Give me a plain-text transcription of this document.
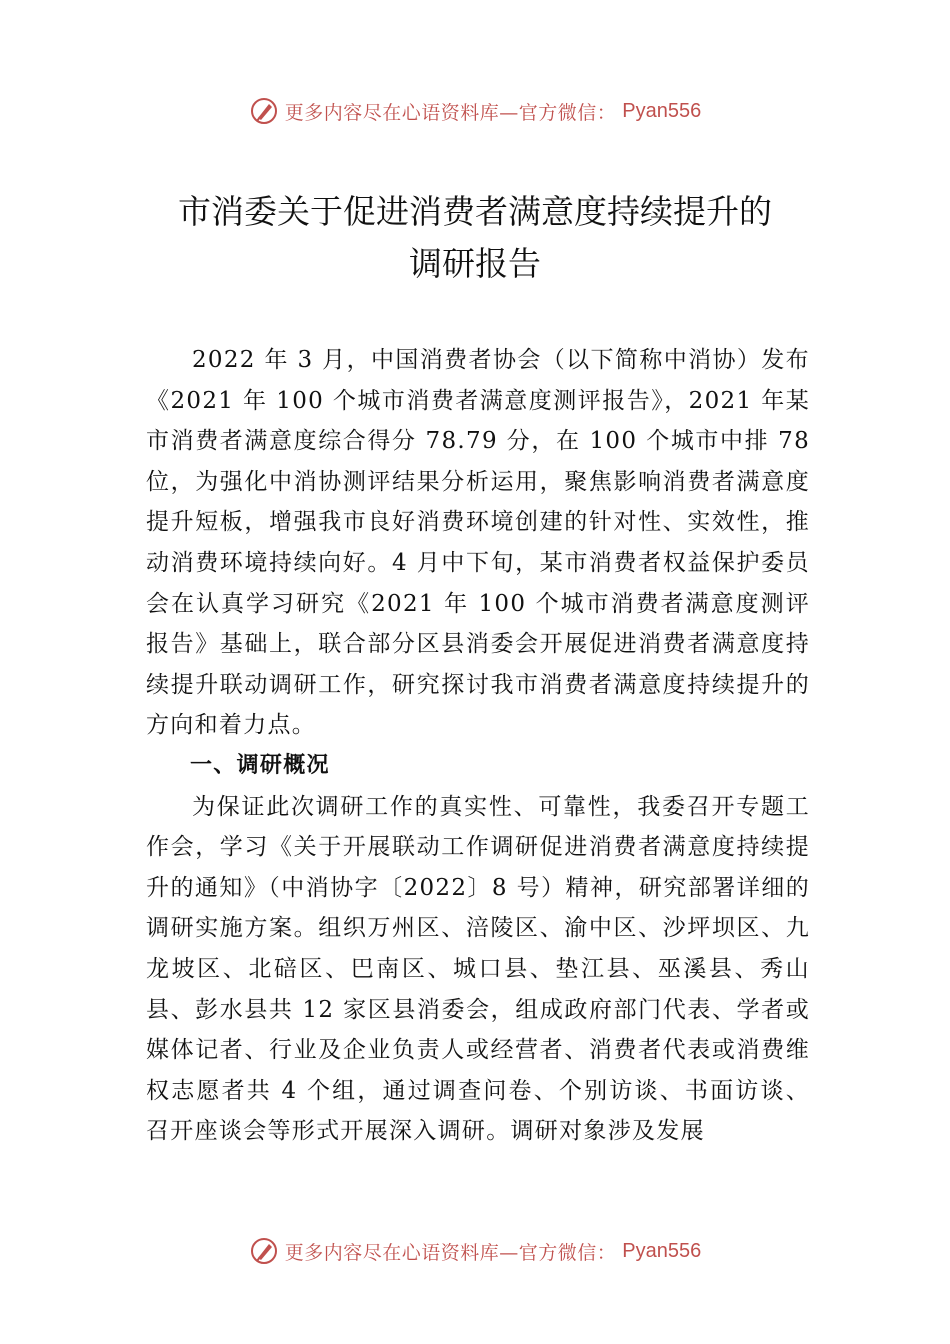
更多内容尽在心语资料库—官方微信： Pyan556
市消委关于促进消费者满意度持续提升的
调研报告

2022 年 3 月，中国消费者协会（以下简称中消协）发布《2021 年 100 个城市消费者满意度测评报告》，2021 年某市消费者满意度综合得分 78.79 分，在 100 个城市中排 78 位，为强化中消协测评结果分析运用，聚焦影响消费者满意度提升短板，增强我市良好消费环境创建的针对性、实效性，推动消费环境持续向好。4 月中下旬，某市消费者权益保护委员会在认真学习研究《2021 年 100 个城市消费者满意度测评报告》基础上，联合部分区县消委会开展促进消费者满意度持续提升联动调研工作，研究探讨我市消费者满意度持续提升的方向和着力点。

一、调研概况

为保证此次调研工作的真实性、可靠性，我委召开专题工作会，学习《关于开展联动工作调研促进消费者满意度持续提升的通知》（中消协字〔2022〕8 号）精神，研究部署详细的调研实施方案。组织万州区、涪陵区、渝中区、沙坪坝区、九龙坡区、北碚区、巴南区、城口县、垫江县、巫溪县、秀山县、彭水县共 12 家区县消委会，组成政府部门代表、学者或媒体记者、行业及企业负责人或经营者、消费者代表或消费维权志愿者共 4 个组，通过调查问卷、个别访谈、书面访谈、召开座谈会等形式开展深入调研。调研对象涉及发展

更多内容尽在心语资料库—官方微信： Pyan556
